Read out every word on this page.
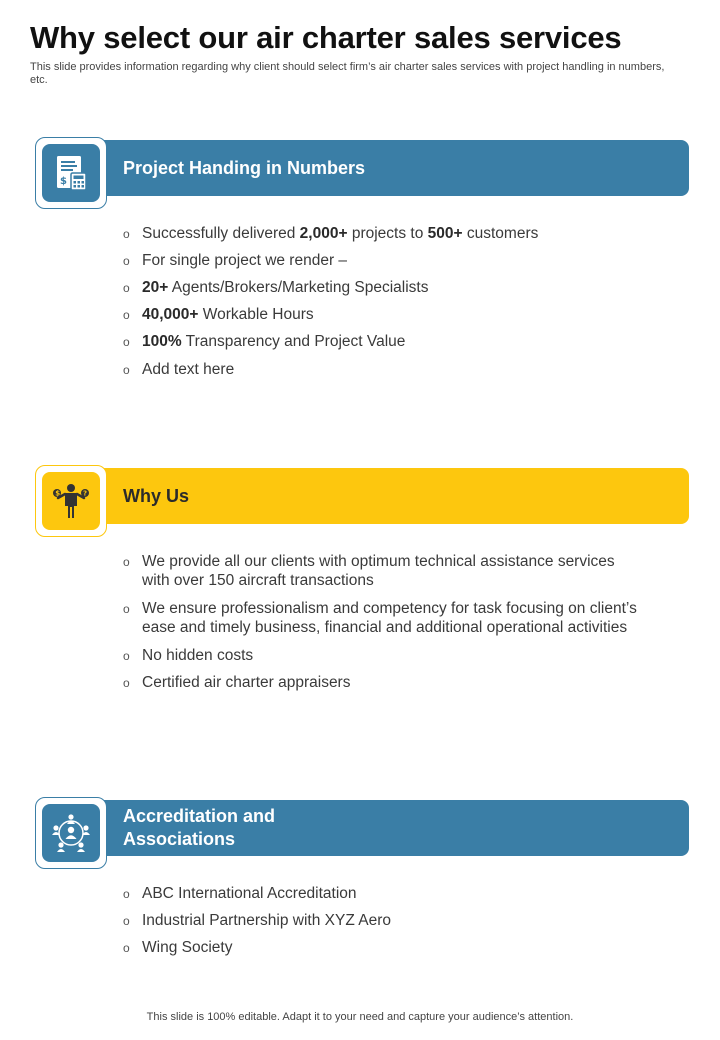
Why select our air charter sales services

This slide provides information regarding why client should select firm’s air charter sales services with project handling in numbers, etc.

Project Handing in Numbers

$
o Successfully delivered 2,000+ projects to 500+ customers
o For single project we render –
o 20+ Agents/Brokers/Marketing Specialists
o 40,000+ Workable Hours
o 100% Transparency and Project Value
o Add text here

Why Us

$	?
o We provide all our clients with optimum technical assistance services with over 150 aircraft transactions
o We ensure professionalism and competency for task focusing on client’s ease and timely business, financial and additional operational activities
o No hidden costs
o Certified air charter appraisers

Accreditation and
Associations

o ABC International Accreditation
o Industrial Partnership with XYZ Aero
o Wing Society

This slide is 100% editable. Adapt it to your need and capture your audience’s attention.
